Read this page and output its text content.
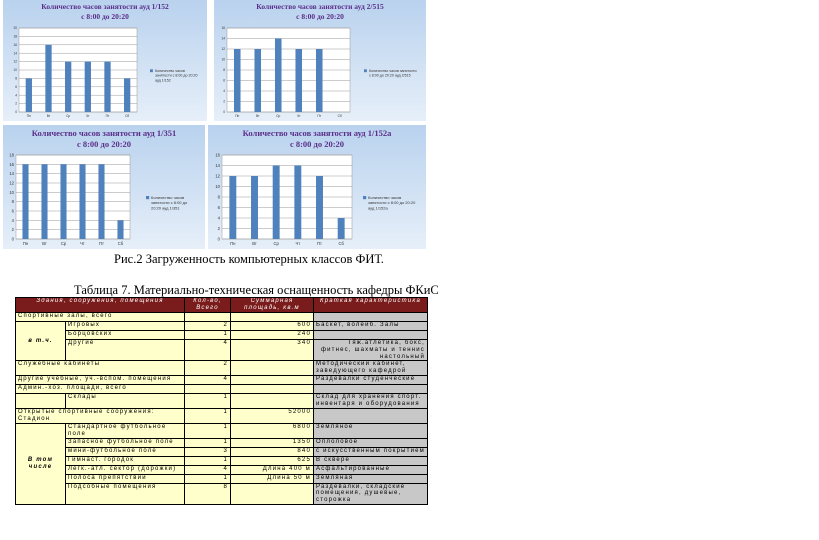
Количество часов занятости ауд 1/152
с 8:00 до 20:20
0
2
4
6
8
10
12
14
16
18
20
Пн	Вт	Ср	Чт	Пт	Сб
Количество часов занятости с 8:00 до 20:20 ауд 1/152
Количество часов занятости ауд 2/515
с 8:00 до 20:20
0
2
4
6
8
10
12
14
16
Пн	Вт	Ср	Чт	Пт	Сб
Количество часов занятости с 8:00 до 20:20 ауд 2/515
Количество часов занятости ауд 1/351
с 8:00 до 20:20
0
2
4
6
8
10
12
14
16
18
Пн	Вт	Ср	Чт	Пт	Сб
Количество часов занятости с 8:00 до 20:20 ауд 1/351
Количество часов занятости ауд 1/152а
с 8:00 до 20:20
0
2
4
6
8
10
12
14
16
Пн	Вт	Ср	Чт	Пт	Сб
Количество часов занятости с 8:00 до 20:20 ауд 1/152а
Рис.2 Загруженность компьютерных классов ФИТ.
Таблица 7. Материально-техническая оснащенность кафедры ФКиС
Здания, сооружения, помещения		Кол-во, Всего	Суммарная площадь, кв.м	Краткая характеристика
Спортивные залы, всего				
в т.ч.	Игровых	2	600	Баскет, волейб. Залы
	Борцовских	1	240	
	Другие	4	340	Тяж.атлетика, бокс, фитнес, шахматы и теннис настольный
Служебные кабинеты		2		Методический кабинет, заведующего кафедрой
Другие учебные, уч.-вспом. помещения		4		Раздевалки студенческие
Админ.-хоз. площади, всего				
	Склады	1		Склад для хранения спорт. инвентаря и оборудования
Открытые спортивные сооружения: Стадион		1	52000	
В том числе	Стандартное футбольное поле	1	6800	Земляное
	Запасное футбольное поле	1	1350	Оплоловое
	мини-футбольное поле	3	840	с искусственным покрытием
	Гимнаст. городок	1	625	В сквере
	Легк.-атл. сектор (дорожки)	4	Длина 400 м	Асфальтированные
	Полоса препятствий	1	Длина 50 м	Земляная
	Подсобные помещения	8		Раздевалки, складские помещения, душевые, сторожка
